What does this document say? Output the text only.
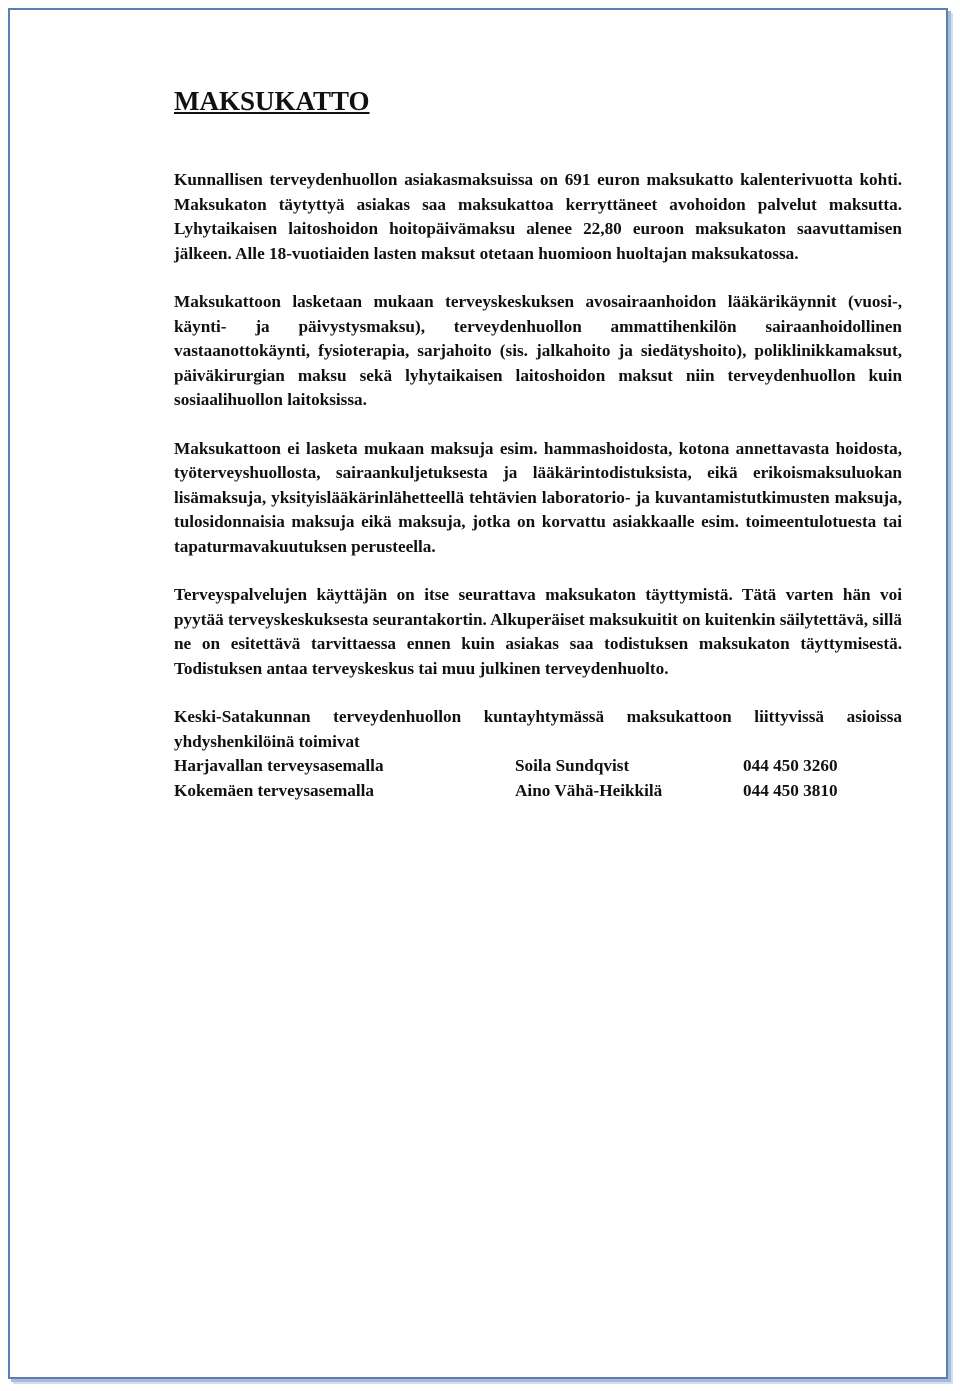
MAKSUKATTO

Kunnallisen terveydenhuollon asiakasmaksuissa on 691 euron maksukatto kalenterivuotta kohti. Maksukaton täytyttyä asiakas saa maksukattoa kerryttäneet avohoidon palvelut maksutta. Lyhytaikaisen laitoshoidon hoitopäivämaksu alenee 22,80 euroon maksukaton saavuttamisen jälkeen. Alle 18-vuotiaiden lasten maksut otetaan huomioon huoltajan maksukatossa.

Maksukattoon lasketaan mukaan terveyskeskuksen avosairaanhoidon lääkärikäynnit (vuosi-, käynti- ja päivystysmaksu), terveydenhuollon ammattihenkilön sairaanhoidollinen vastaanottokäynti, fysioterapia, sarjahoito (sis. jalkahoito ja siedätyshoito), poliklinikkamaksut, päiväkirurgian maksu sekä lyhytaikaisen laitoshoidon maksut niin terveydenhuollon kuin sosiaalihuollon laitoksissa.

Maksukattoon ei lasketa mukaan maksuja esim. hammashoidosta, kotona annettavasta hoidosta, työterveyshuollosta, sairaankuljetuksesta ja lääkärintodistuksista, eikä erikoismaksuluokan lisämaksuja, yksityislääkärinlähetteellä tehtävien laboratorio- ja kuvantamistutkimusten maksuja, tulosidonnaisia maksuja eikä maksuja, jotka on korvattu asiakkaalle esim. toimeentulotuesta tai tapaturmavakuutuksen perusteella.

Terveyspalvelujen käyttäjän on itse seurattava maksukaton täyttymistä. Tätä varten hän voi pyytää terveyskeskuksesta seurantakortin. Alkuperäiset maksukuitit on kuitenkin säilytettävä, sillä ne on esitettävä tarvittaessa ennen kuin asiakas saa todistuksen maksukaton täyttymisestä. Todistuksen antaa terveyskeskus tai muu julkinen terveydenhuolto.

Keski-Satakunnan terveydenhuollon kuntayhtymässä maksukattoon liittyvissä asioissa yhdyshenkilöinä toimivat

Harjavallan terveysasemalla	Soila Sundqvist	044 450 3260
Kokemäen terveysasemalla	Aino Vähä-Heikkilä	044 450 3810
